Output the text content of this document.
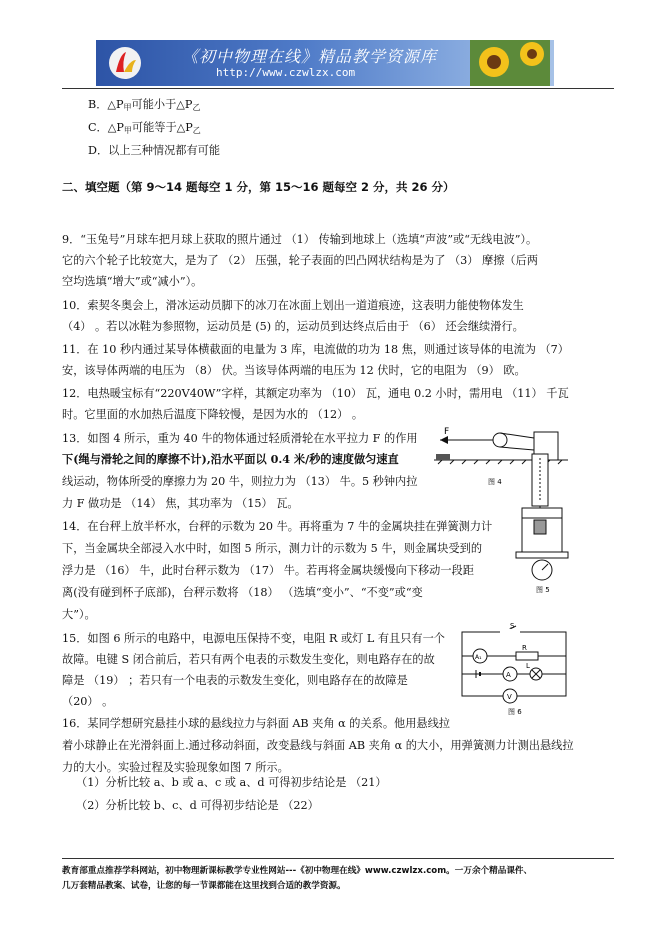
《初中物理在线》精品教学资源库
http://www.czwlzx.com
B．$\triangle P_甲$可能小于$\triangle P_乙$
C．$\triangle P_甲$可能等于$\triangle P_乙$
D．以上三种情况都有可能
二、填空题（第 9～14 题每空 1 分，第 15～16 题每空 2 分，共 26 分）
9．“玉兔号”月球车把月球上获取的照片通过 （1） 传输到地球上（选填“声波”或“无线电波”）。
它的六个轮子比较宽大，是为了 （2） 压强，轮子表面的凹凸网状结构是为了 （3） 摩擦（后两
空均选填“增大”或“减小”）。
10．索契冬奥会上，滑冰运动员脚下的冰刀在冰面上划出一道道痕迹，这表明力能使物体发生
（4） 。若以冰鞋为参照物，运动员是 (5) 的，运动员到达终点后由于 （6） 还会继续滑行。
11．在 10 秒内通过某导体横截面的电量为 3 库，电流做的功为 18 焦，则通过该导体的电流为 （7）
安，该导体两端的电压为 （8） 伏。当该导体两端的电压为 12 伏时，它的电阻为 （9） 欧。
12．电热暖宝标有“220V40W”字样，其额定功率为 （10） 瓦，通电 0.2 小时，需用电 （11） 千瓦
时。它里面的水加热后温度下降较慢，是因为水的 （12） 。
13．如图 4 所示，重为 40 牛的物体通过轻质滑轮在水平拉力 F 的作用
下(绳与滑轮之间的摩擦不计),沿水平面以 0.4 米/秒的速度做匀速直
线运动，物体所受的摩擦力为 20 牛，则拉力为 （13） 牛。5 秒钟内拉
力 F 做功是 （14） 焦，其功率为 （15） 瓦。
14．在台秤上放半杯水，台秤的示数为 20 牛。再将重为 7 牛的金属块挂在弹簧测力计
下，当金属块全部浸入水中时，如图 5 所示，测力计的示数为 5 牛，则金属块受到的
浮力是 （16） 牛，此时台秤示数为 （17） 牛。若再将金属块缓慢向下移动一段距
离(没有碰到杯子底部)，台秤示数将 （18） （选填“变小”、“不变”或“变
大”）。
15．如图 6 所示的电路中，电源电压保持不变，电阻 R 或灯 L 有且只有一个
故障。电键 S 闭合前后，若只有两个电表的示数发生变化，则电路存在的故
障是 （19） ；若只有一个电表的示数发生变化，则电路存在的故障是
（20） 。
16．某同学想研究悬挂小球的悬线拉力与斜面 AB 夹角 α 的关系。他用悬线拉
着小球静止在光滑斜面上.通过移动斜面，改变悬线与斜面 AB 夹角 α 的大小，用弹簧测力计测出悬线拉
力的大小。实验过程及实验现象如图 7 所示。
（1）分析比较 a、b 或 a、c 或 a、d 可得初步结论是 （21）
（2）分析比较 b、c、d 可得初步结论是 （22）
F
图 4
图 5
S
R
A₁
A
L
V
图 6
教育部重点推荐学科网站，初中物理新课标教学专业性网站---《初中物理在线》www.czwlzx.com。一万余个精品课件、
几万套精品教案、试卷，让您的每一节课都能在这里找到合适的教学资源。
